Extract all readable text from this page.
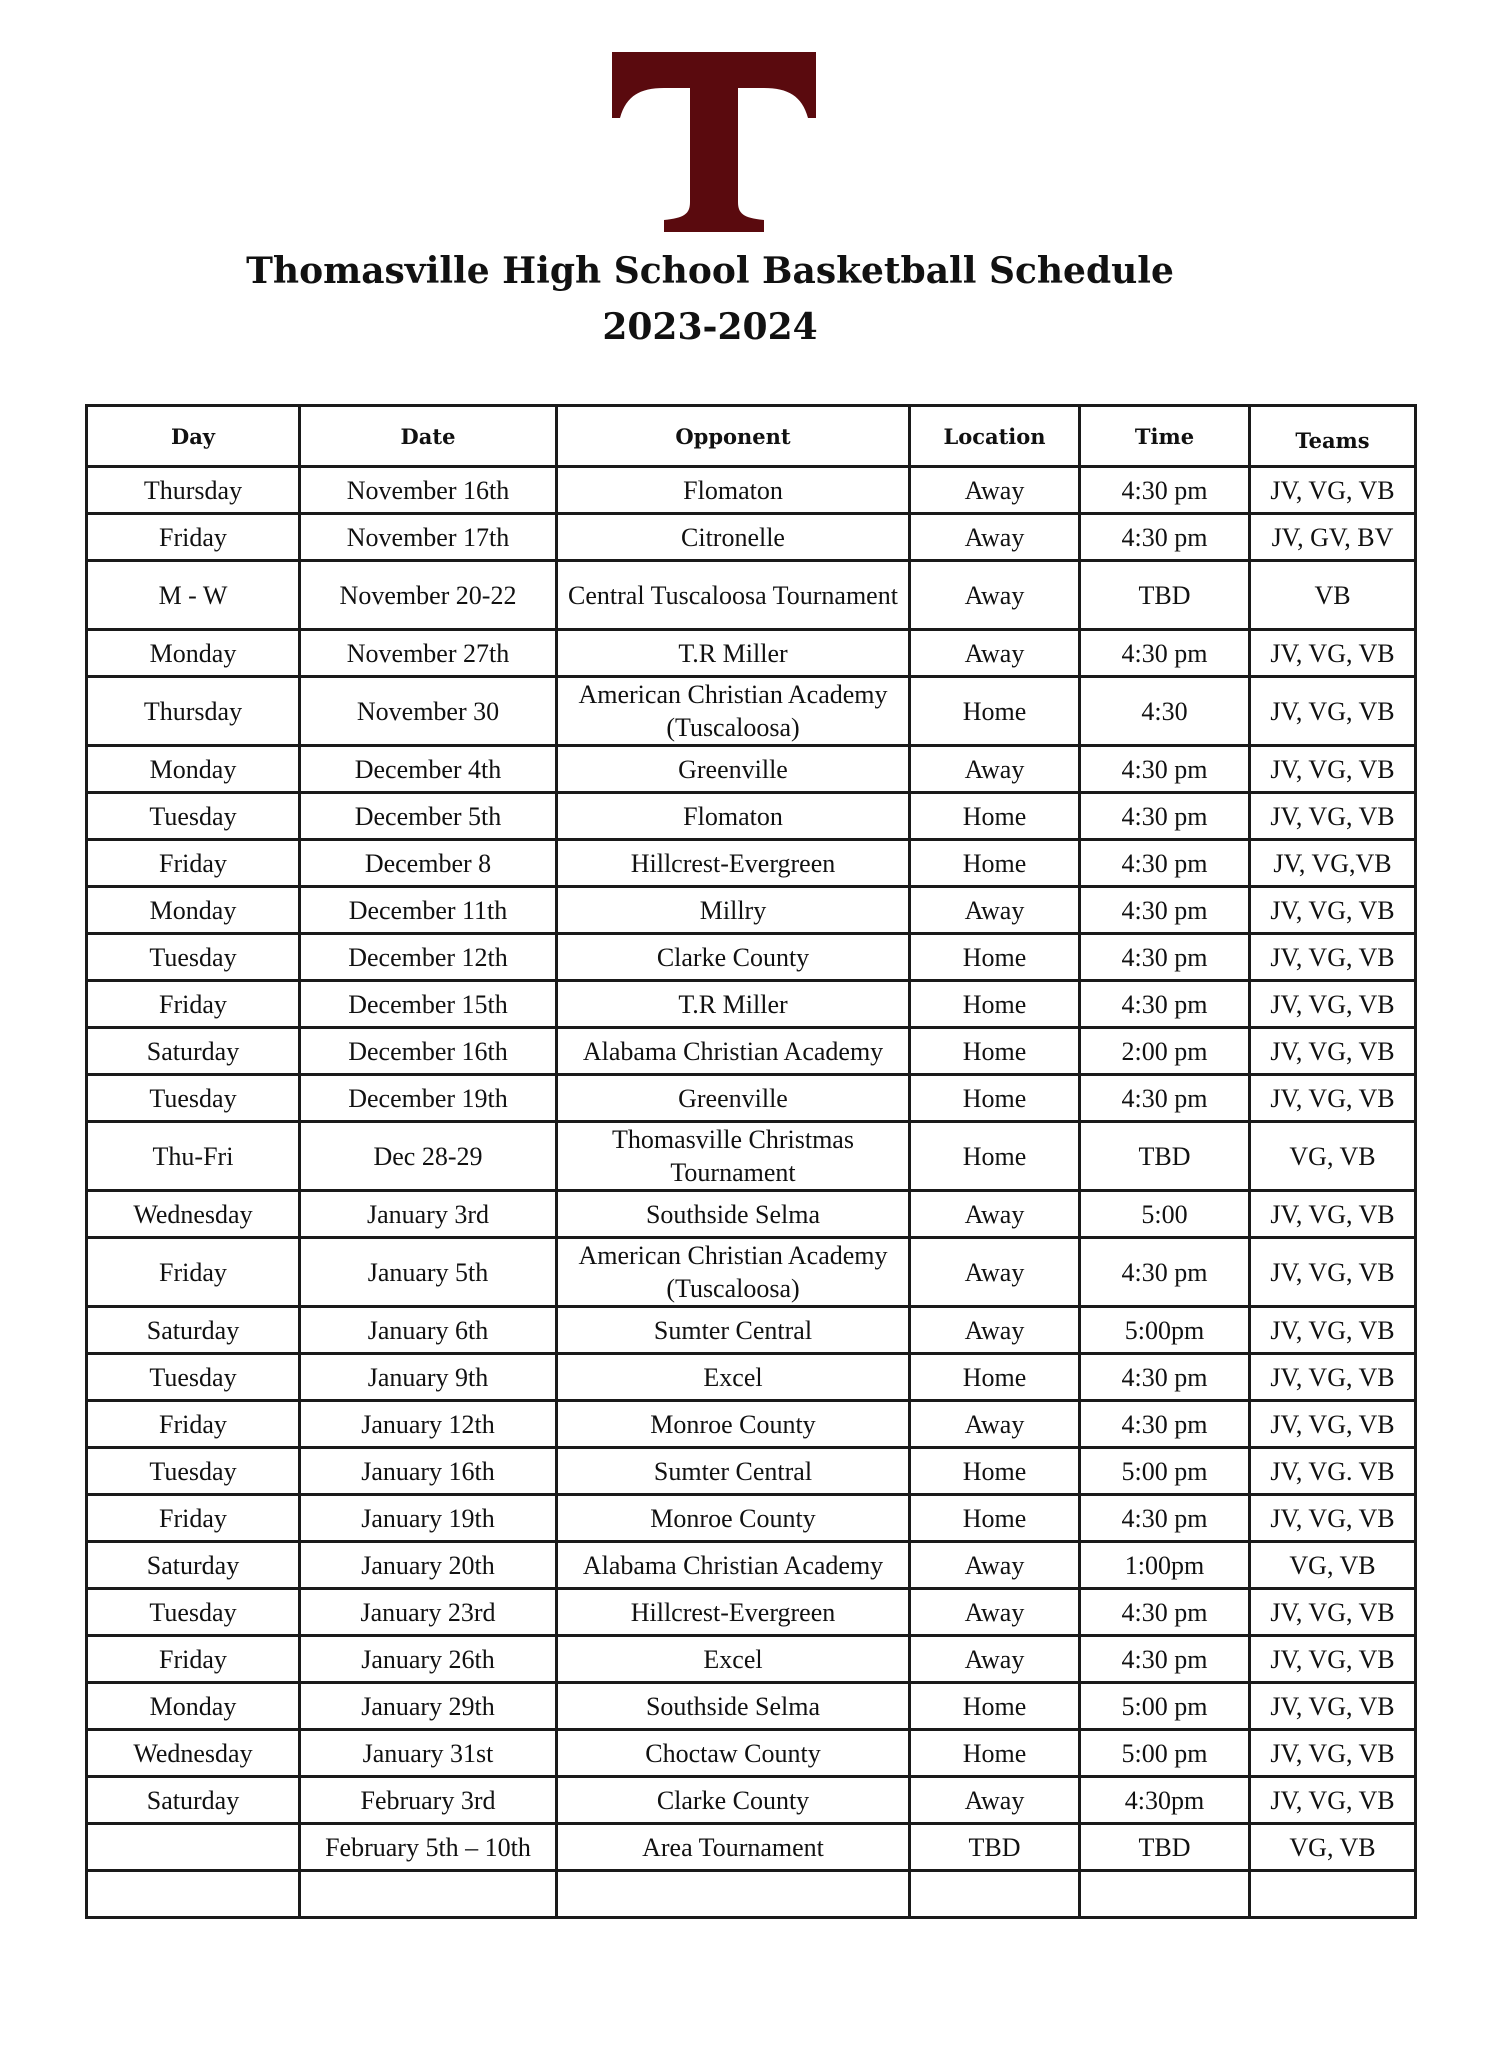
Thomasville High School Basketball Schedule
2023-2024
Day	Date	Opponent	Location	Time	Teams
Thursday	November 16th	Flomaton	Away	4:30 pm	JV, VG, VB
Friday	November 17th	Citronelle	Away	4:30 pm	JV, GV, BV
M - W	November 20-22	Central Tuscaloosa Tournament	Away	TBD	VB
Monday	November 27th	T.R Miller	Away	4:30 pm	JV, VG, VB
Thursday	November 30	American Christian Academy (Tuscaloosa)	Home	4:30	JV, VG, VB
Monday	December 4th	Greenville	Away	4:30 pm	JV, VG, VB
Tuesday	December 5th	Flomaton	Home	4:30 pm	JV, VG, VB
Friday	December 8	Hillcrest-Evergreen	Home	4:30 pm	JV, VG,VB
Monday	December 11th	Millry	Away	4:30 pm	JV, VG, VB
Tuesday	December 12th	Clarke County	Home	4:30 pm	JV, VG, VB
Friday	December 15th	T.R Miller	Home	4:30 pm	JV, VG, VB
Saturday	December 16th	Alabama Christian Academy	Home	2:00 pm	JV, VG, VB
Tuesday	December 19th	Greenville	Home	4:30 pm	JV, VG, VB
Thu-Fri	Dec 28-29	Thomasville Christmas Tournament	Home	TBD	VG, VB
Wednesday	January 3rd	Southside Selma	Away	5:00	JV, VG, VB
Friday	January 5th	American Christian Academy (Tuscaloosa)	Away	4:30 pm	JV, VG, VB
Saturday	January 6th	Sumter Central	Away	5:00pm	JV, VG, VB
Tuesday	January 9th	Excel	Home	4:30 pm	JV, VG, VB
Friday	January 12th	Monroe County	Away	4:30 pm	JV, VG, VB
Tuesday	January 16th	Sumter Central	Home	5:00 pm	JV, VG. VB
Friday	January 19th	Monroe County	Home	4:30 pm	JV, VG, VB
Saturday	January 20th	Alabama Christian Academy	Away	1:00pm	VG, VB
Tuesday	January 23rd	Hillcrest-Evergreen	Away	4:30 pm	JV, VG, VB
Friday	January 26th	Excel	Away	4:30 pm	JV, VG, VB
Monday	January 29th	Southside Selma	Home	5:00 pm	JV, VG, VB
Wednesday	January 31st	Choctaw County	Home	5:00 pm	JV, VG, VB
Saturday	February 3rd	Clarke County	Away	4:30pm	JV, VG, VB
	February 5th – 10th	Area Tournament	TBD	TBD	VG, VB
